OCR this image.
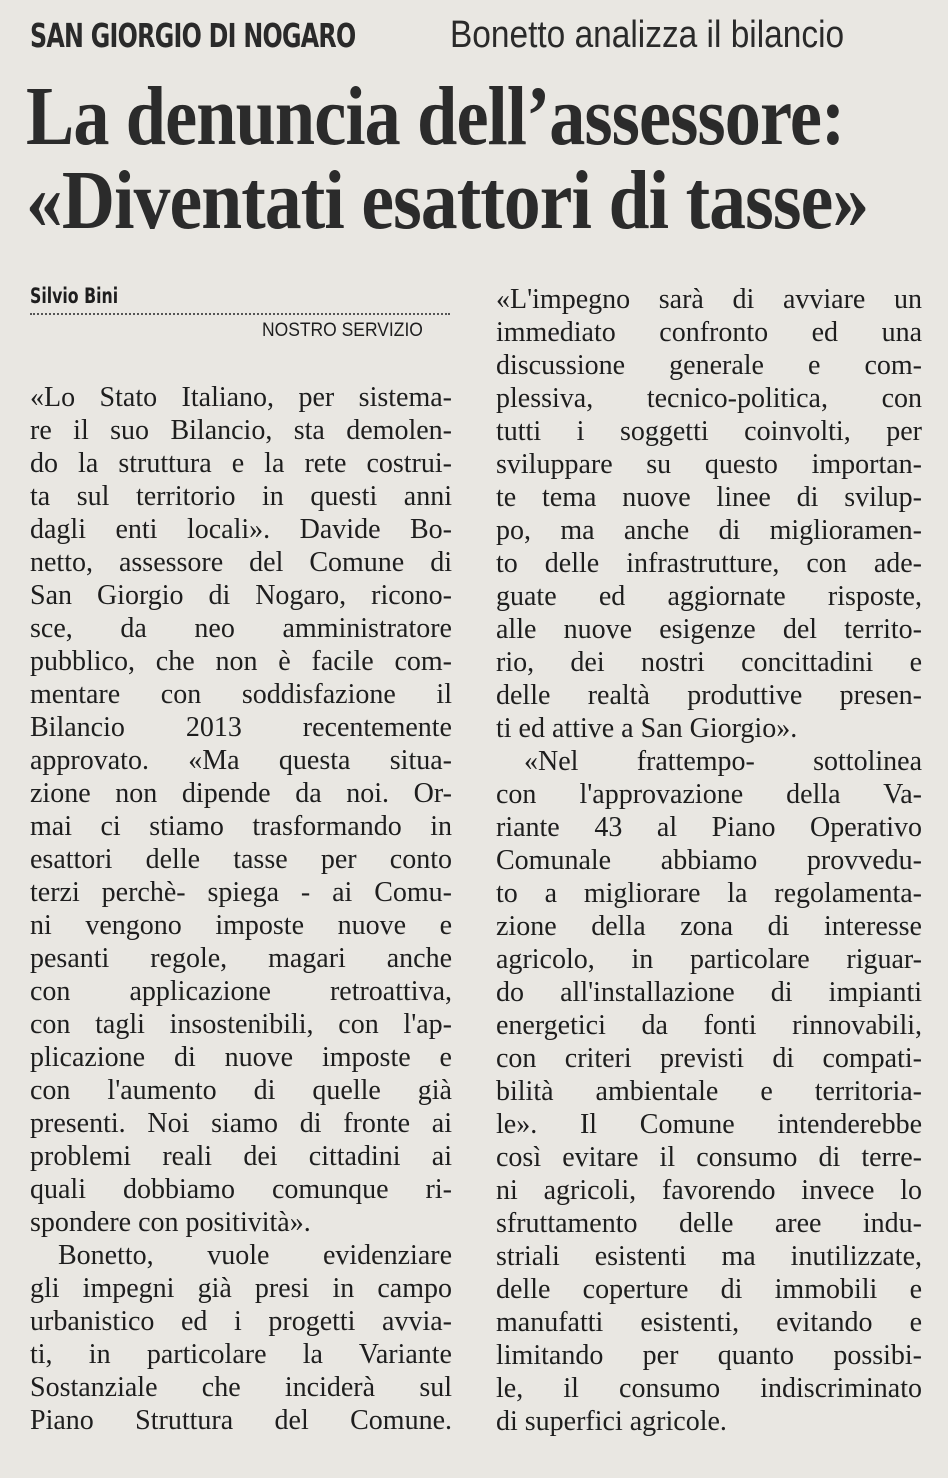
SAN GIORGIO DI NOGARO Bonetto analizza il bilancio
La denuncia dell’assessore:
«Diventati esattori di tasse»
Silvio Bini
NOSTRO SERVIZIO
«Lo Stato Italiano, per sistema-
re il suo Bilancio, sta demolen-
do la struttura e la rete costrui-
ta sul territorio in questi anni
dagli enti locali». Davide Bo-
netto, assessore del Comune di
San Giorgio di Nogaro, ricono-
sce, da neo amministratore
pubblico, che non è facile com-
mentare con soddisfazione il
Bilancio 2013 recentemente
approvato. «Ma questa situa-
zione non dipende da noi. Or-
mai ci stiamo trasformando in
esattori delle tasse per conto
terzi perchè- spiega - ai Comu-
ni vengono imposte nuove e
pesanti regole, magari anche
con applicazione retroattiva,
con tagli insostenibili, con l'ap-
plicazione di nuove imposte e
con l'aumento di quelle già
presenti. Noi siamo di fronte ai
problemi reali dei cittadini ai
quali dobbiamo comunque ri-
spondere con positività».
Bonetto, vuole evidenziare
gli impegni già presi in campo
urbanistico ed i progetti avvia-
ti, in particolare la Variante
Sostanziale che inciderà sul
Piano Struttura del Comune.
«L'impegno sarà di avviare un
immediato confronto ed una
discussione generale e com-
plessiva, tecnico-politica, con
tutti i soggetti coinvolti, per
sviluppare su questo importan-
te tema nuove linee di svilup-
po, ma anche di miglioramen-
to delle infrastrutture, con ade-
guate ed aggiornate risposte,
alle nuove esigenze del territo-
rio, dei nostri concittadini e
delle realtà produttive presen-
ti ed attive a San Giorgio».
«Nel frattempo- sottolinea
con l'approvazione della Va-
riante 43 al Piano Operativo
Comunale abbiamo provvedu-
to a migliorare la regolamenta-
zione della zona di interesse
agricolo, in particolare riguar-
do all'installazione di impianti
energetici da fonti rinnovabili,
con criteri previsti di compati-
bilità ambientale e territoria-
le». Il Comune intenderebbe
così evitare il consumo di terre-
ni agricoli, favorendo invece lo
sfruttamento delle aree indu-
striali esistenti ma inutilizzate,
delle coperture di immobili e
manufatti esistenti, evitando e
limitando per quanto possibi-
le, il consumo indiscriminato
di superfici agricole.
